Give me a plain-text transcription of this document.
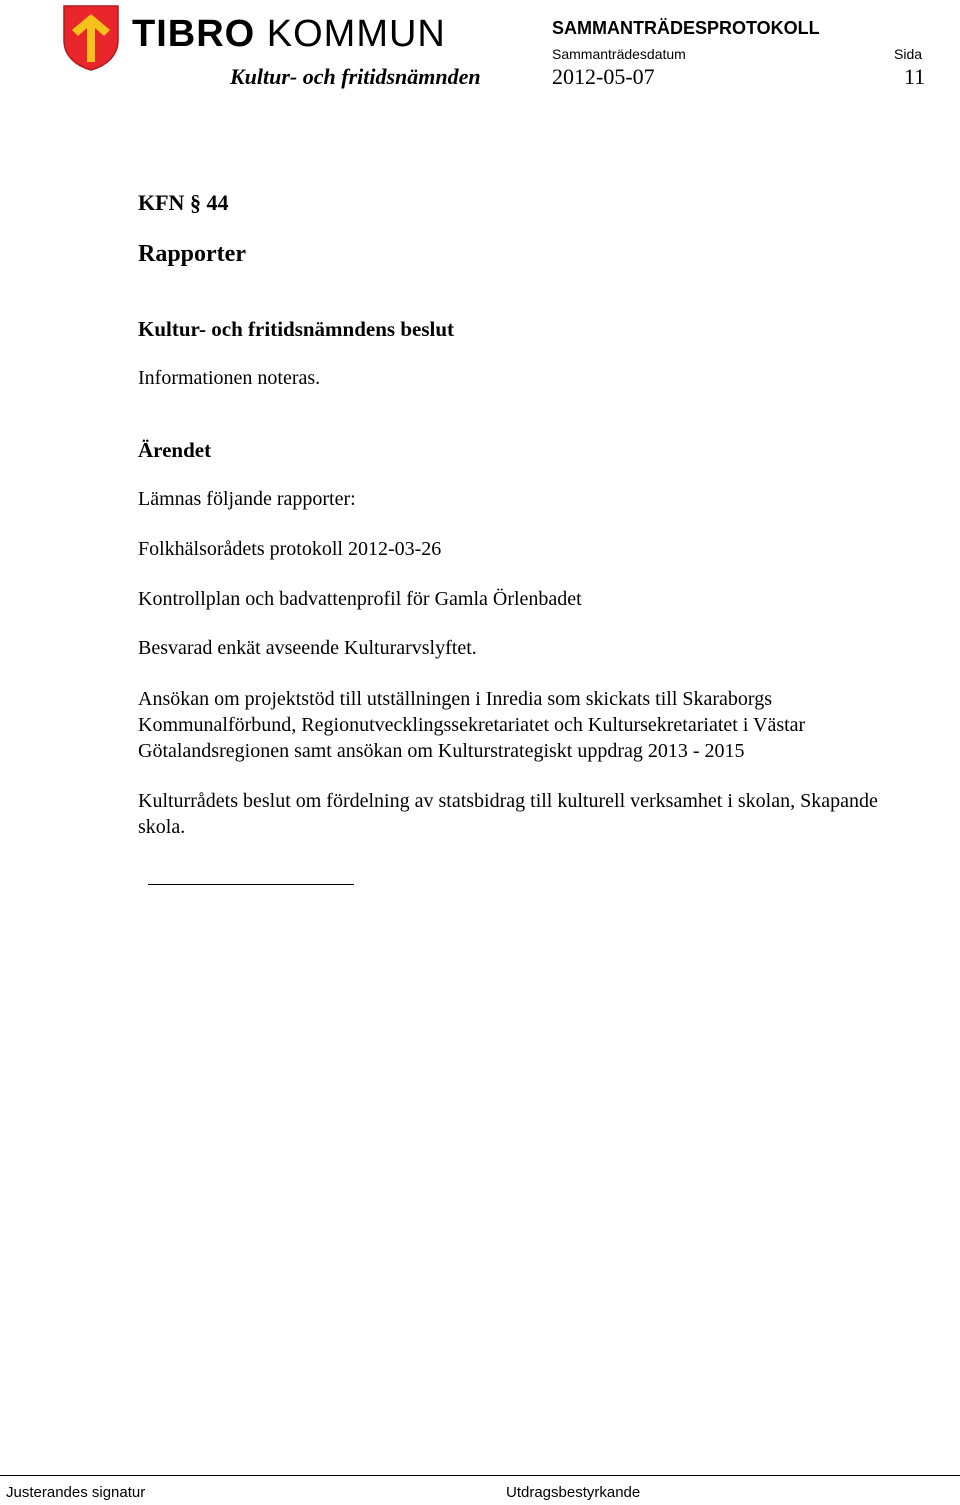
TIBRO KOMMUN
Kultur- och fritidsnämnden
SAMMANTRÄDESPROTOKOLL
Sammanträdesdatum
2012-05-07
Sida
11
KFN § 44
Rapporter
Kultur- och fritidsnämndens beslut
Informationen noteras.
Ärendet
Lämnas följande rapporter:
Folkhälsorådets protokoll 2012-03-26
Kontrollplan och badvattenprofil för Gamla Örlenbadet
Besvarad enkät avseende Kulturarvslyftet.
Ansökan om projektstöd till utställningen i Inredia som skickats till Skaraborgs Kommunalförbund, Regionutvecklingssekretariatet och Kultursekretariatet i Västar Götalandsregionen samt ansökan om Kulturstrategiskt uppdrag 2013 - 2015
Kulturrådets beslut om fördelning av statsbidrag till kulturell verksamhet i skolan, Skapande skola.
Justerandes signatur	Utdragsbestyrkande
